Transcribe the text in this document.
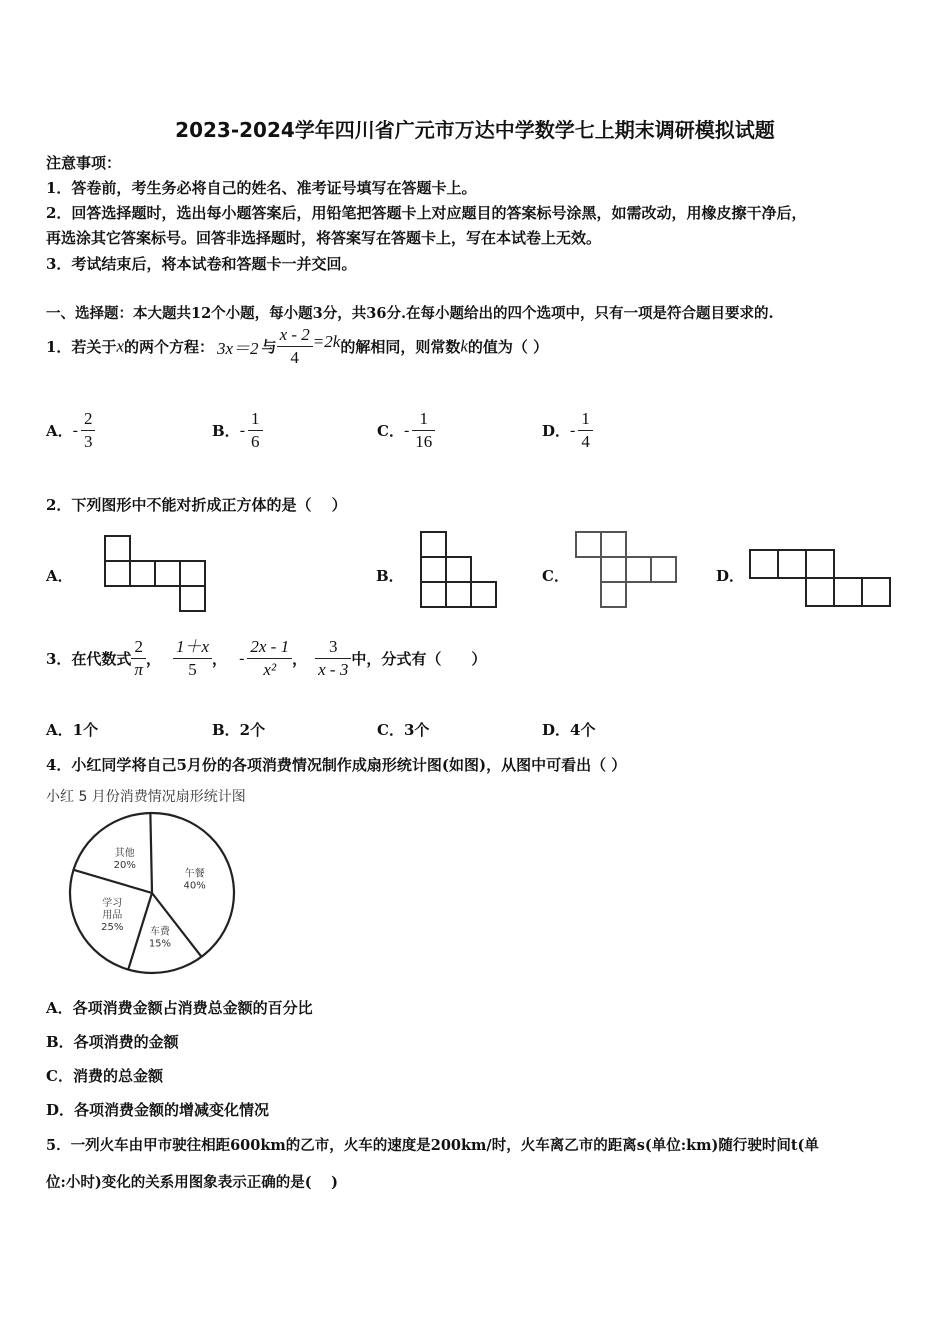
2023-2024学年四川省广元市万达中学数学七上期末调研模拟试题
注意事项：
1．答卷前，考生务必将自己的姓名、准考证号填写在答题卡上。
2．回答选择题时，选出每小题答案后，用铅笔把答题卡上对应题目的答案标号涂黑，如需改动，用橡皮擦干净后，
再选涂其它答案标号。回答非选择题时，将答案写在答题卡上，写在本试卷上无效。
3．考试结束后，将本试卷和答题卡一并交回。
一、选择题：本大题共12个小题，每小题3分，共36分.在每小题给出的四个选项中，只有一项是符合题目要求的.
1．若关于x的两个方程： 3x＝2 与 $\frac{x - 2}{4} =2k$的解相同，则常数k的值为（ ）
A．- $\frac{2}{3}$	B．- $\frac{1}{6}$	C．- $\frac{1}{16}$	D．- $\frac{1}{4}$
2．下列图形中不能对折成正方体的是（　 ）
A．	B．	C．	D．
3．在代数式 $\frac{2}{\pi}$ ， $\frac{1+x}{5}$ ， - $\frac{2x - 1}{\text{x²}}$ ， $\frac{3}{x - 3}$ 中，分式有（　　）
A．1个	B．2个	C．3个	D．4个
4．小红同学将自己5月份的各项消费情况制作成扇形统计图(如图)，从图中可看出（ ）
小红 5 月份消费情况扇形统计图
午餐
40%
车费
15%
学习
用品
25%
其他
20%
A．各项消费金额占消费总金额的百分比
B．各项消费的金额
C．消费的总金额
D．各项消费金额的增减变化情况
5．一列火车由甲市驶往相距600km的乙市，火车的速度是200km/时，火车离乙市的距离s(单位:km)随行驶时间t(单
位:小时)变化的关系用图象表示正确的是(　 )
